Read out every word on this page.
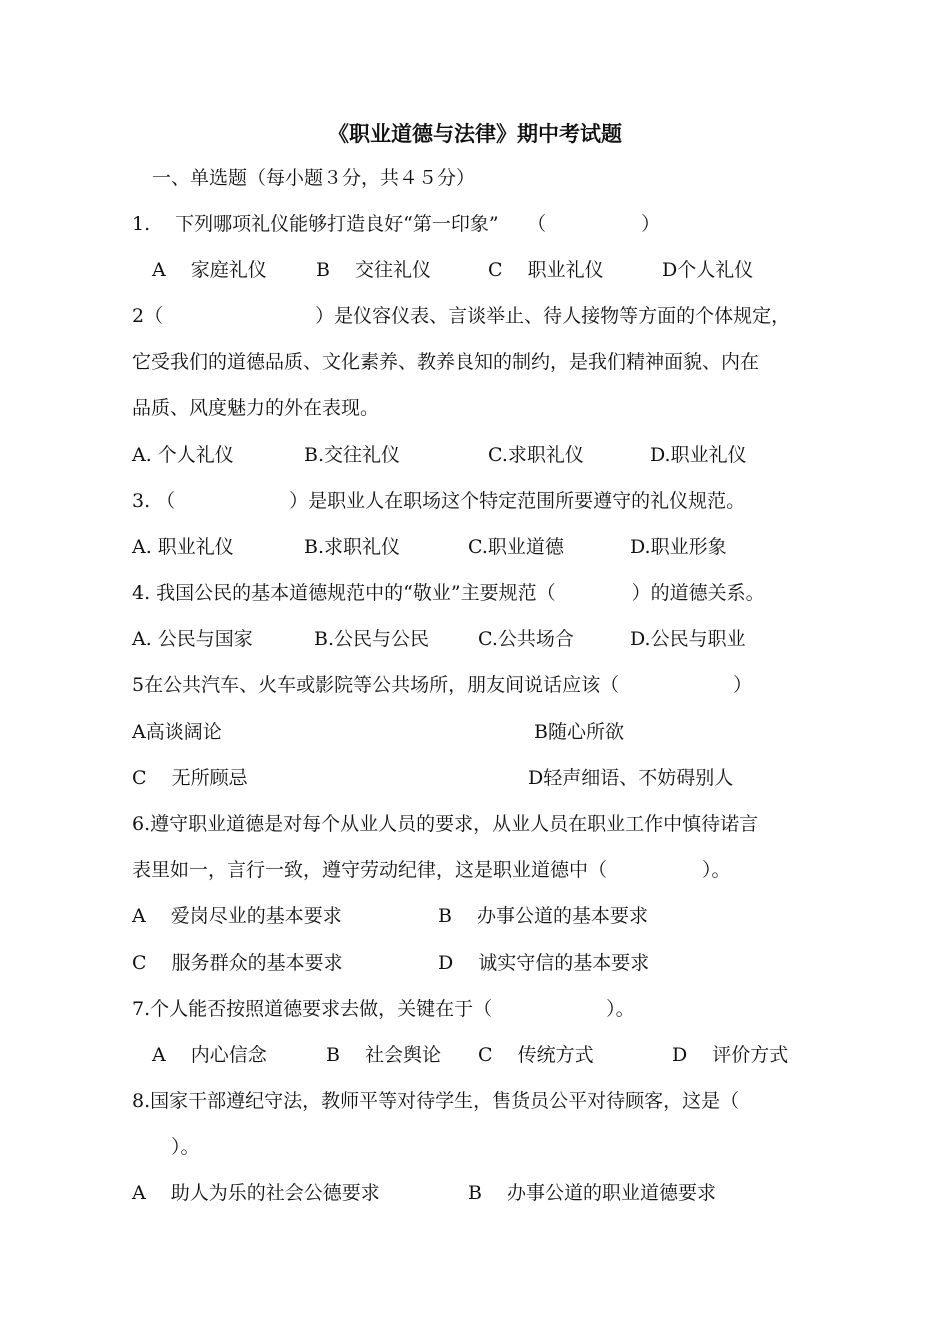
《职业道德与法律》期中考试题
一、单选题（每小题３分，共４５分）
1.　 下列哪项礼仪能够打造良好“第一印象”　　（　　　　　）
A　 家庭礼仪	B　 交往礼仪	C　 职业礼仪	D个人礼仪
2（　　　　　　　　）是仪容仪表、言谈举止、待人接物等方面的个体规定，
它受我们的道德品质、文化素养、教养良知的制约，是我们精神面貌、内在
品质、风度魅力的外在表现。
A. 个人礼仪	B.交往礼仪	C.求职礼仪	D.职业礼仪
3. （　　　　　　）是职业人在职场这个特定范围所要遵守的礼仪规范。
A. 职业礼仪	B.求职礼仪	C.职业道德	D.职业形象
4. 我国公民的基本道德规范中的“敬业”主要规范（　　　　）的道德关系。
A. 公民与国家	B.公民与公民	C.公共场合	D.公民与职业
5在公共汽车、火车或影院等公共场所，朋友间说话应该（　　　　　　）
A高谈阔论	B随心所欲
C　 无所顾忌	D轻声细语、不妨碍别人
6.遵守职业道德是对每个从业人员的要求，从业人员在职业工作中慎待诺言
表里如一，言行一致，遵守劳动纪律，这是职业道德中（　　　　　）。
A　 爱岗尽业的基本要求	B　 办事公道的基本要求
C　 服务群众的基本要求	D　 诚实守信的基本要求
7.个人能否按照道德要求去做，关键在于（　　　　　　）。
A　 内心信念	B　 社会舆论 C　 传统方式	D　 评价方式
8.国家干部遵纪守法，教师平等对待学生，售货员公平对待顾客，这是（
　）。
A　 助人为乐的社会公德要求	B　 办事公道的职业道德要求
